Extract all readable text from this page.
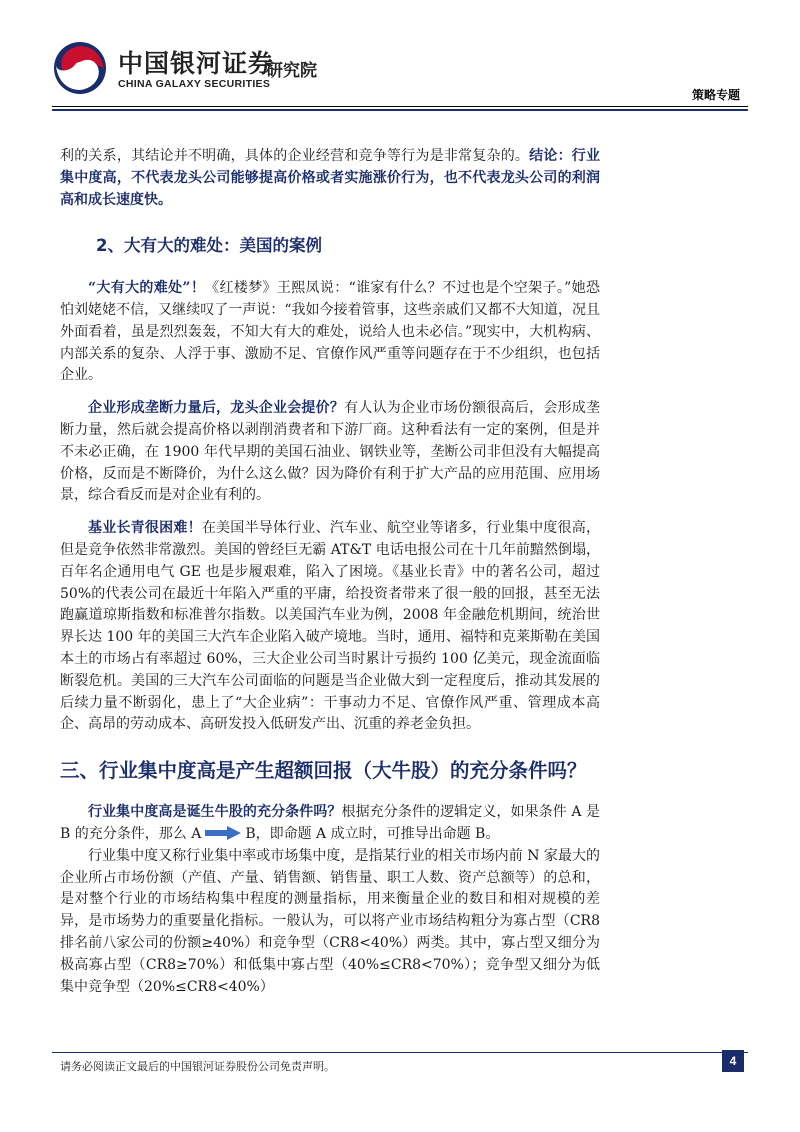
中国银河证券
CHINA GALAXY SECURITIES
研究院
策略专题

利的关系，其结论并不明确，具体的企业经营和竞争等行为是非常复杂的。结论：行业集中度高，不代表龙头公司能够提高价格或者实施涨价行为，也不代表龙头公司的利润高和成长速度快。

2、大有大的难处：美国的案例

“大有大的难处”！《红楼梦》王熙凤说：“谁家有什么？不过也是个空架子。”她恐怕刘姥姥不信，又继续叹了一声说：“我如今接着管事，这些亲戚们又都不大知道，况且外面看着，虽是烈烈轰轰，不知大有大的难处，说给人也未必信。”现实中，大机构病、内部关系的复杂、人浮于事、激励不足、官僚作风严重等问题存在于不少组织，也包括企业。

企业形成垄断力量后，龙头企业会提价？有人认为企业市场份额很高后，会形成垄断力量，然后就会提高价格以剥削消费者和下游厂商。这种看法有一定的案例，但是并不未必正确，在 1900 年代早期的美国石油业、钢铁业等，垄断公司非但没有大幅提高价格，反而是不断降价，为什么这么做？因为降价有利于扩大产品的应用范围、应用场景，综合看反而是对企业有利的。

基业长青很困难！在美国半导体行业、汽车业、航空业等诸多，行业集中度很高，但是竞争依然非常激烈。美国的曾经巨无霸 AT&T 电话电报公司在十几年前黯然倒塌，百年名企通用电气 GE 也是步履艰难，陷入了困境。《基业长青》中的著名公司，超过 50%的代表公司在最近十年陷入严重的平庸，给投资者带来了很一般的回报，甚至无法跑赢道琼斯指数和标准普尔指数。以美国汽车业为例，2008 年金融危机期间，统治世界长达 100 年的美国三大汽车企业陷入破产境地。当时，通用、福特和克莱斯勒在美国本土的市场占有率超过 60%，三大企业公司当时累计亏损约 100 亿美元，现金流面临断裂危机。美国的三大汽车公司面临的问题是当企业做大到一定程度后，推动其发展的后续力量不断弱化，患上了“大企业病”：干事动力不足、官僚作风严重、管理成本高企、高昂的劳动成本、高研发投入低研发产出、沉重的养老金负担。

三、行业集中度高是产生超额回报（大牛股）的充分条件吗？

行业集中度高是诞生牛股的充分条件吗？根据充分条件的逻辑定义，如果条件 A 是 B 的充分条件，那么 A	B，即命题 A 成立时，可推导出命题 B。

行业集中度又称行业集中率或市场集中度，是指某行业的相关市场内前 N 家最大的企业所占市场份额（产值、产量、销售额、销售量、职工人数、资产总额等）的总和，是对整个行业的市场结构集中程度的测量指标，用来衡量企业的数目和相对规模的差异，是市场势力的重要量化指标。一般认为，可以将产业市场结构粗分为寡占型（CR8 排名前八家公司的份额≥40%）和竞争型（CR8<40%）两类。其中，寡占型又细分为极高寡占型（CR8≥70%）和低集中寡占型（40%≤CR8<70%）；竞争型又细分为低集中竞争型（20%≤CR8<40%）

请务必阅读正文最后的中国银河证券股份公司免责声明。	4
